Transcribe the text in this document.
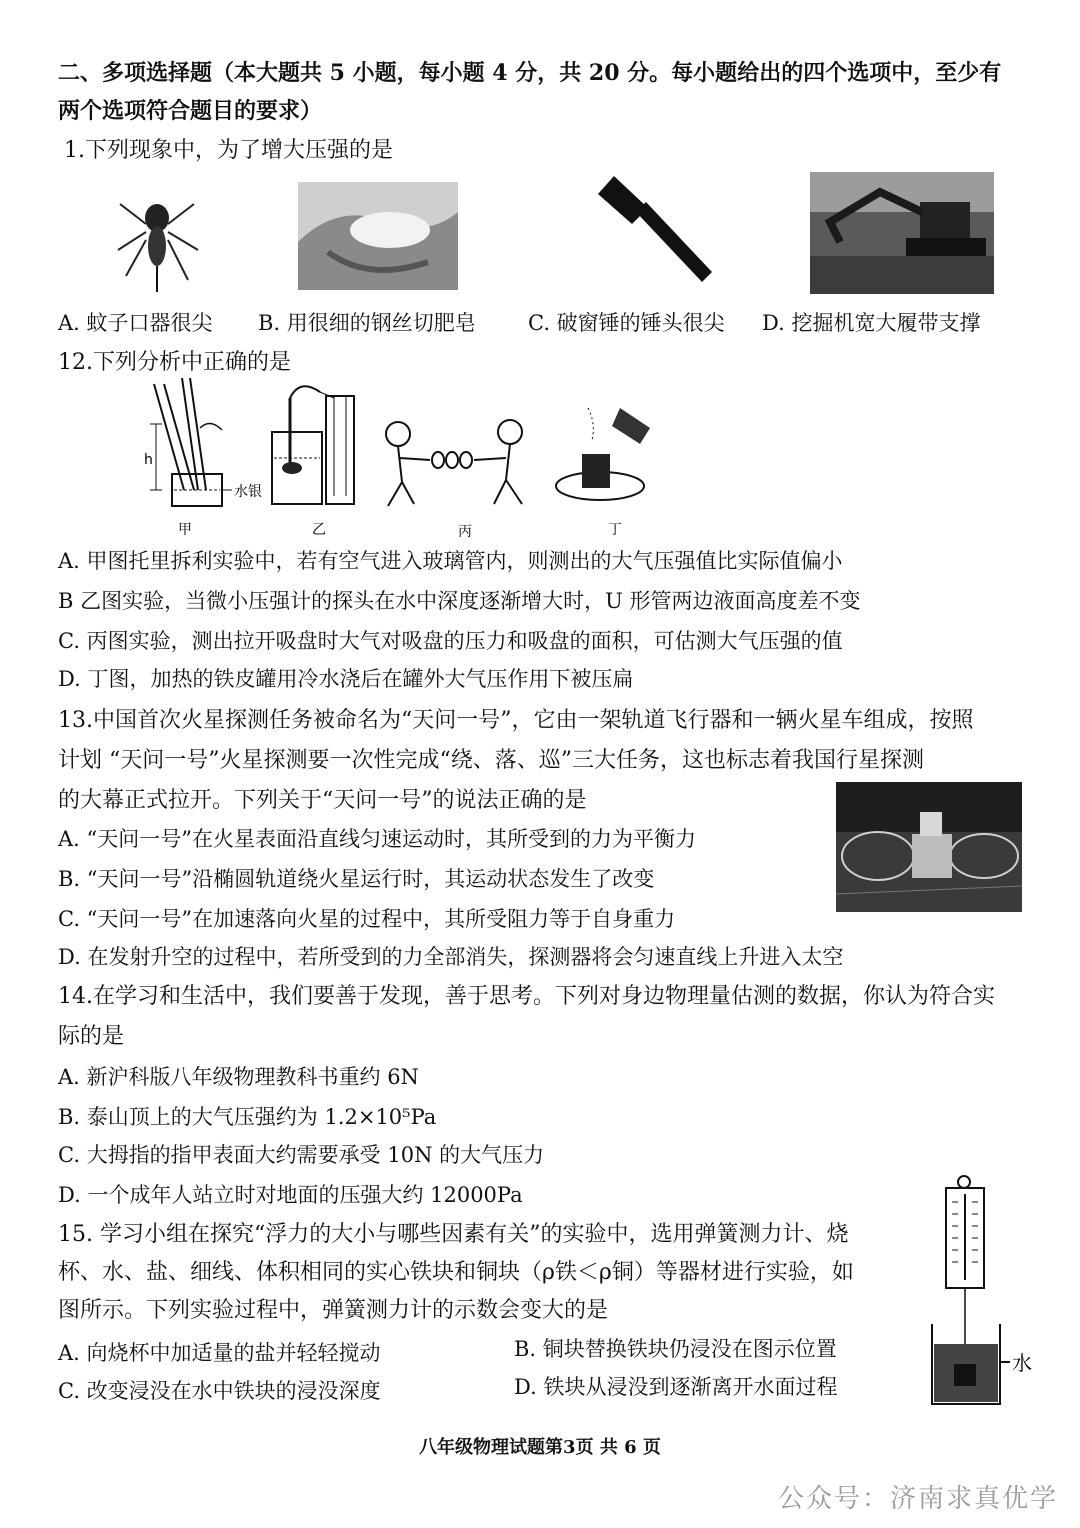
二、多项选择题（本大题共 5 小题，每小题 4 分，共 20 分。每小题给出的四个选项中，至少有
两个选项符合题目的要求）
1.下列现象中，为了增大压强的是
A. 蚊子口器很尖 B. 用很细的钢丝切肥皂 C. 破窗锤的锤头很尖 D. 挖掘机宽大履带支撑
12.下列分析中正确的是
h
水银
甲	乙	丙	丁
A. 甲图托里拆利实验中，若有空气进入玻璃管内，则测出的大气压强值比实际值偏小
B 乙图实验，当微小压强计的探头在水中深度逐渐增大时，U 形管两边液面高度差不变
C. 丙图实验，测出拉开吸盘时大气对吸盘的压力和吸盘的面积，可估测大气压强的值
D. 丁图，加热的铁皮罐用冷水浇后在罐外大气压作用下被压扁
13.中国首次火星探测任务被命名为“天问一号”，它由一架轨道飞行器和一辆火星车组成，按照
计划 “天问一号”火星探测要一次性完成“绕、落、巡”三大任务，这也标志着我国行星探测
的大幕正式拉开。下列关于“天问一号”的说法正确的是
A. “天问一号”在火星表面沿直线匀速运动时，其所受到的力为平衡力
B. “天问一号”沿椭圆轨道绕火星运行时，其运动状态发生了改变
C. “天问一号”在加速落向火星的过程中，其所受阻力等于自身重力
D. 在发射升空的过程中，若所受到的力全部消失，探测器将会匀速直线上升进入太空
14.在学习和生活中，我们要善于发现，善于思考。下列对身边物理量估测的数据，你认为符合实
际的是
A. 新沪科版八年级物理教科书重约 6N
B. 泰山顶上的大气压强约为 1.2×10⁵Pa
C. 大拇指的指甲表面大约需要承受 10N 的大气压力
D. 一个成年人站立时对地面的压强大约 12000Pa
15. 学习小组在探究“浮力的大小与哪些因素有关”的实验中，选用弹簧测力计、烧
杯、水、盐、细线、体积相同的实心铁块和铜块（ρ铁＜ρ铜）等器材进行实验，如
图所示。下列实验过程中，弹簧测力计的示数会变大的是
A. 向烧杯中加适量的盐并轻轻搅动	B. 铜块替换铁块仍浸没在图示位置
C. 改变浸没在水中铁块的浸没深度	D. 铁块从浸没到逐渐离开水面过程
水
八年级物理试题第3页 共 6 页
公众号：济南求真优学
